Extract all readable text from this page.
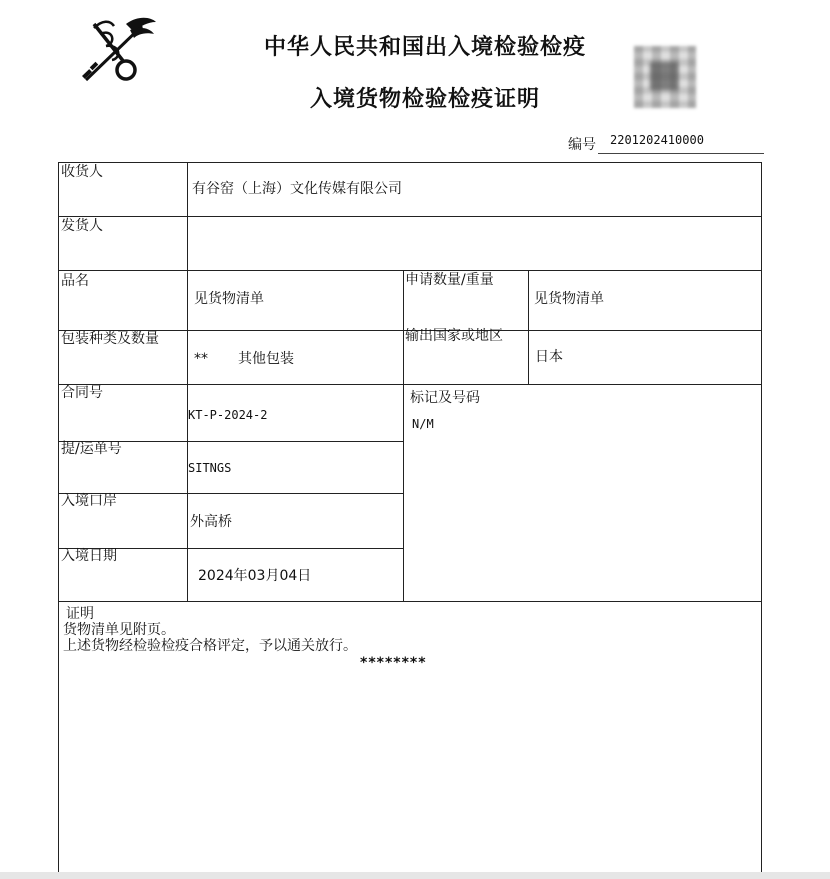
中华人民共和国出入境检验检疫
入境货物检验检疫证明
编号	2201202410000
收货人
有谷窑（上海）文化传媒有限公司
发货人
品名
见货物清单
申请数量/重量
见货物清单
包装种类及数量
** 其他包装
输出国家或地区
日本
合同号
KT-P-2024-2
标记及号码
N/M
提/运单号
SITNGS
入境口岸
外高桥
入境日期
2024年03月04日
证明
货物清单见附页。
上述货物经检验检疫合格评定，予以通关放行。
********
